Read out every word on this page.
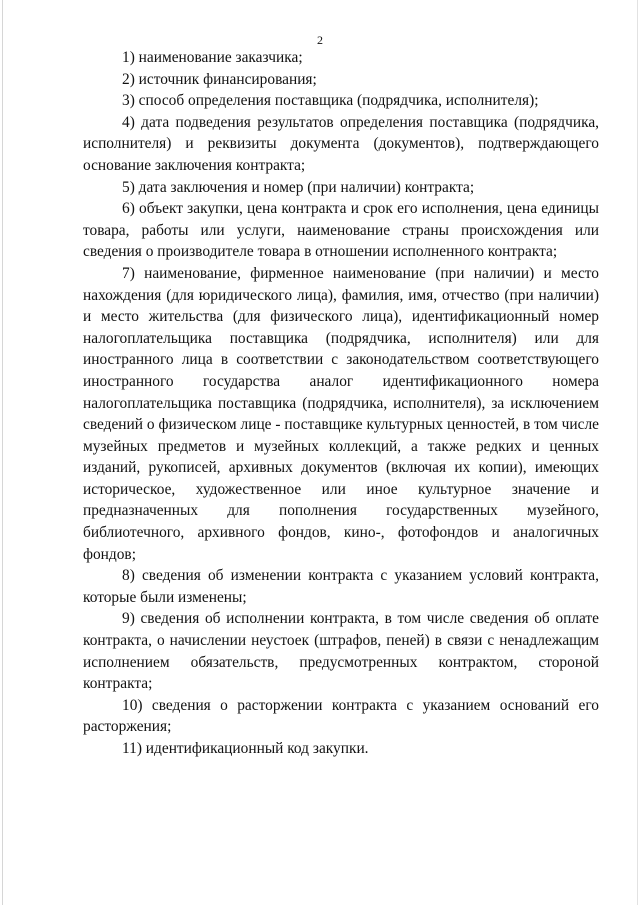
2

1) наименование заказчика;

2) источник финансирования;

3) способ определения поставщика (подрядчика, исполнителя);

4) дата подведения результатов определения поставщика (подрядчика, исполнителя) и реквизиты документа (документов), подтверждающего основание заключения контракта;

5) дата заключения и номер (при наличии) контракта;

6) объект закупки, цена контракта и срок его исполнения, цена единицы товара, работы или услуги, наименование страны происхождения или сведения о производителе товара в отношении исполненного контракта;

7) наименование, фирменное наименование (при наличии) и место нахождения (для юридического лица), фамилия, имя, отчество (при наличии) и место жительства (для физического лица), идентификационный номер налогоплательщика поставщика (подрядчика, исполнителя) или для иностранного лица в соответствии с законодательством соответствующего иностранного государства аналог идентификационного номера налогоплательщика поставщика (подрядчика, исполнителя), за исключением сведений о физическом лице - поставщике культурных ценностей, в том числе музейных предметов и музейных коллекций, а также редких и ценных изданий, рукописей, архивных документов (включая их копии), имеющих историческое, художественное или иное культурное значение и предназначенных для пополнения государственных музейного, библиотечного, архивного фондов, кино-, фотофондов и аналогичных фондов;

8) сведения об изменении контракта с указанием условий контракта, которые были изменены;

9) сведения об исполнении контракта, в том числе сведения об оплате контракта, о начислении неустоек (штрафов, пеней) в связи с ненадлежащим исполнением обязательств, предусмотренных контрактом, стороной контракта;

10) сведения о расторжении контракта с указанием оснований его расторжения;

11) идентификационный код закупки.
